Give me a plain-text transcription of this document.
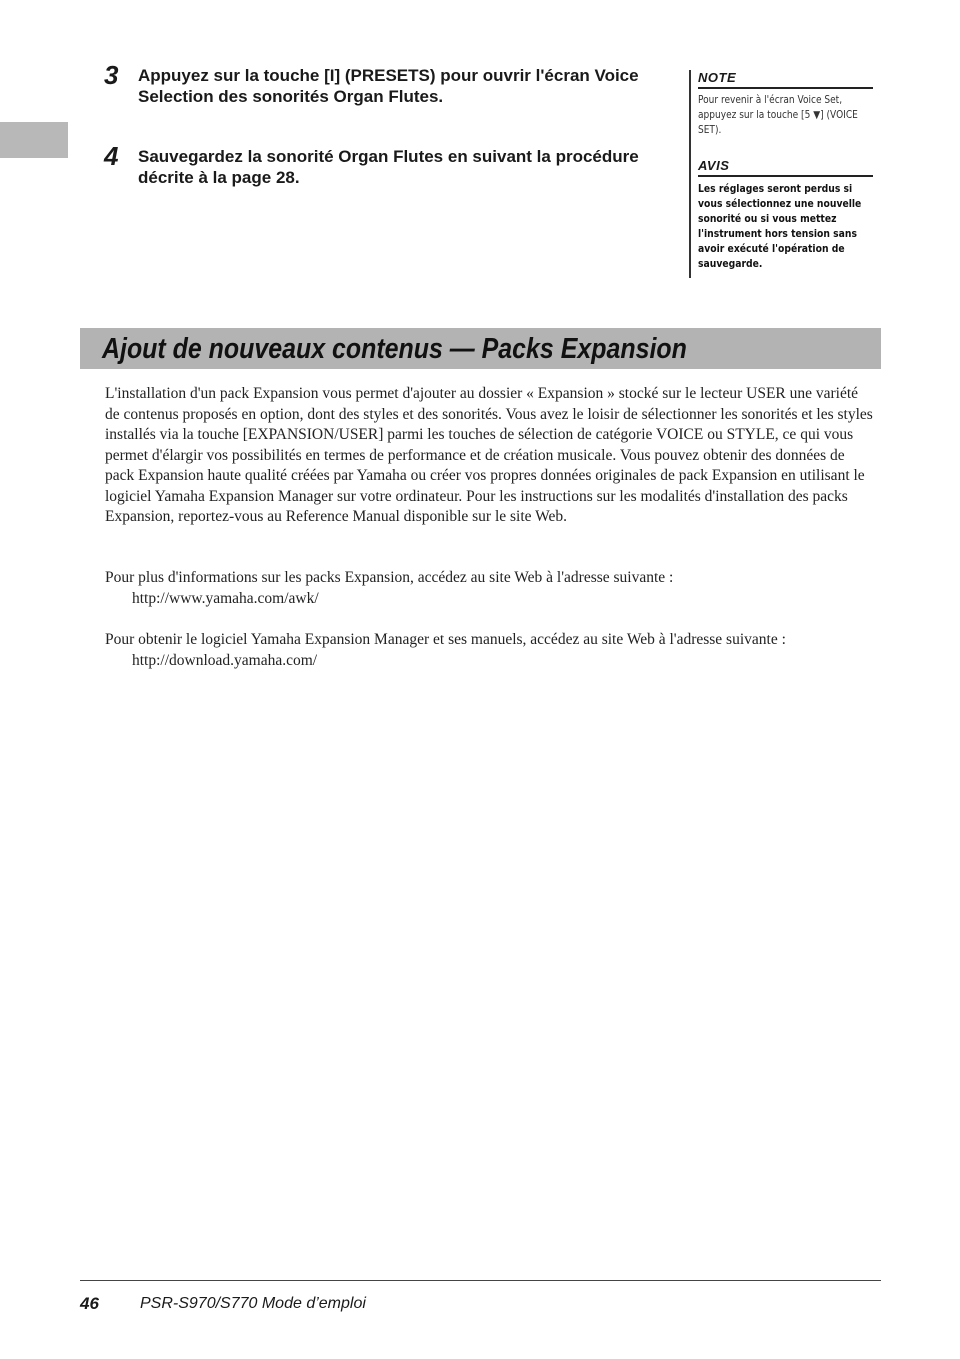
3 Appuyez sur la touche [I] (PRESETS) pour ouvrir l'écran Voice Selection des sonorités Organ Flutes.
4 Sauvegardez la sonorité Organ Flutes en suivant la procédure décrite à la page 28.
NOTE
Pour revenir à l'écran Voice Set, appuyez sur la touche [5 ▼] (VOICE SET).
AVIS
Les réglages seront perdus si vous sélectionnez une nouvelle sonorité ou si vous mettez l'instrument hors tension sans avoir exécuté l'opération de sauvegarde.
Ajout de nouveaux contenus — Packs Expansion
L'installation d'un pack Expansion vous permet d'ajouter au dossier « Expansion » stocké sur le lecteur USER une variété de contenus proposés en option, dont des styles et des sonorités. Vous avez le loisir de sélectionner les sonorités et les styles installés via la touche [EXPANSION/USER] parmi les touches de sélection de catégorie VOICE ou STYLE, ce qui vous permet d'élargir vos possibilités en termes de performance et de création musicale. Vous pouvez obtenir des données de pack Expansion haute qualité créées par Yamaha ou créer vos propres données originales de pack Expansion en utilisant le logiciel Yamaha Expansion Manager sur votre ordinateur. Pour les instructions sur les modalités d'installation des packs Expansion, reportez-vous au Reference Manual disponible sur le site Web.
Pour plus d'informations sur les packs Expansion, accédez au site Web à l'adresse suivante :
http://www.yamaha.com/awk/
Pour obtenir le logiciel Yamaha Expansion Manager et ses manuels, accédez au site Web à l'adresse suivante :
http://download.yamaha.com/
46	PSR-S970/S770 Mode d’emploi
